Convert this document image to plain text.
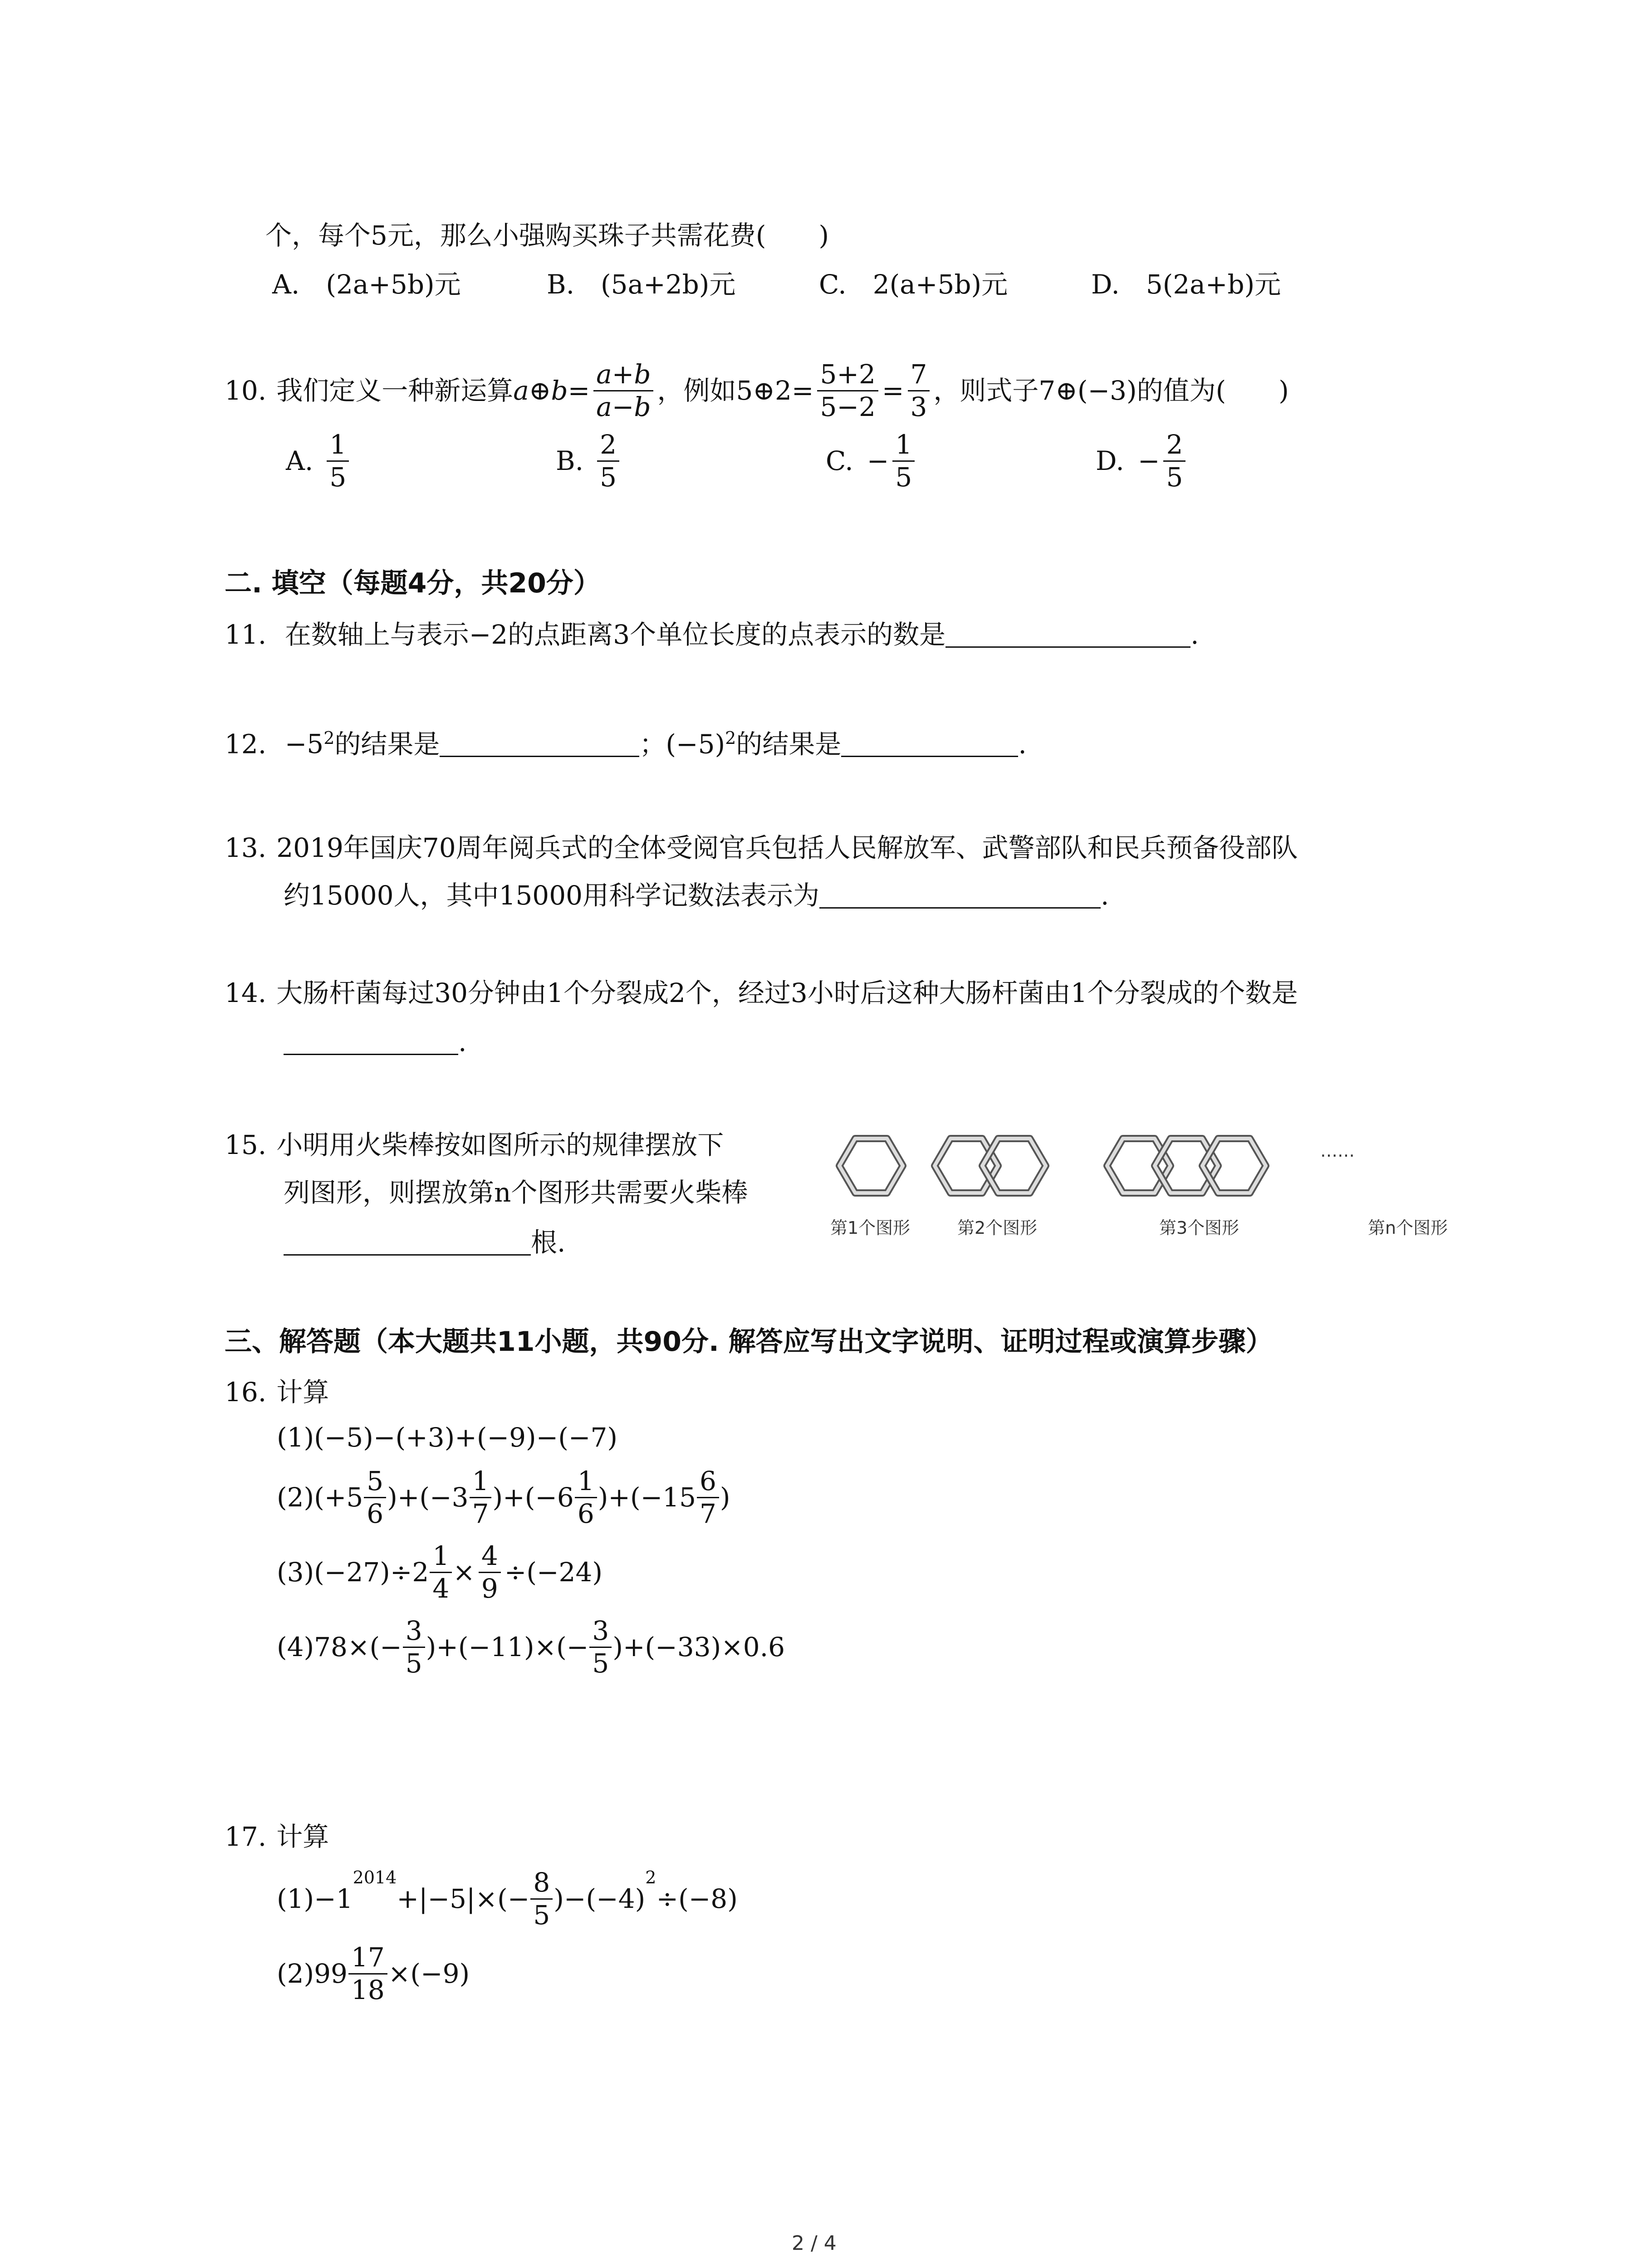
个，每个5元，那么小强购买珠子共需花费(　　)
A.　(2a+5b)元	B.　(5a+2b)元	C.　2(a+5b)元	D.　5(2a+b)元
10. 我们定义一种新运算 a⊕b= $\frac{a+b}{a-b}$ ，例如5⊕2= $\frac{5+2}{5-2} = \frac{7}{3}$ ，则式子7⊕(−3)的值为(　　)
A. $\frac{1}{5}$	B. $\frac{2}{5}$	C. − $\frac{1}{5}$	D. − $\frac{2}{5}$
二. 填空（每题4分，共20分）
11. 在数轴上与表示−2的点距离3个单位长度的点表示的数是	.
12. $-5^2$的结果是	；$(-5)^2$的结果是	.
13. 2019年国庆70周年阅兵式的全体受阅官兵包括人民解放军、武警部队和民兵预备役部队
约15000人，其中15000用科学记数法表示为	.
14. 大肠杆菌每过30分钟由1个分裂成2个，经过3小时后这种大肠杆菌由1个分裂成的个数是
.
15. 小明用火柴棒按如图所示的规律摆放下
列图形，则摆放第n个图形共需要火柴棒
根.
……
第1个图形	第2个图形	第3个图形	第n个图形
三、解答题（本大题共11小题，共90分. 解答应写出文字说明、证明过程或演算步骤）
16. 计算
(1)(−5)−(+3)+(−9)−(−7)
$(2)(+5 \frac{5}{6} )+(-3 \frac{1}{7} )+(-6 \frac{1}{6} )+(-15 \frac{6}{7}$ )
$(3)(-27)\div 2 \frac{1}{4} \times \frac{4}{9} \div(-24)$
$(4)78\times(- \frac{3}{5} )+(-11)\times(- \frac{3}{5} )+(-33)\times 0.6$
17. 计算
(1)−1
$^{2014}$
$+|-5|\times(- \frac{8}{5} )-(-4)$
$^2$
÷(−8)
$(2)99 \frac{17}{18} \times(-9)$
2 / 4
